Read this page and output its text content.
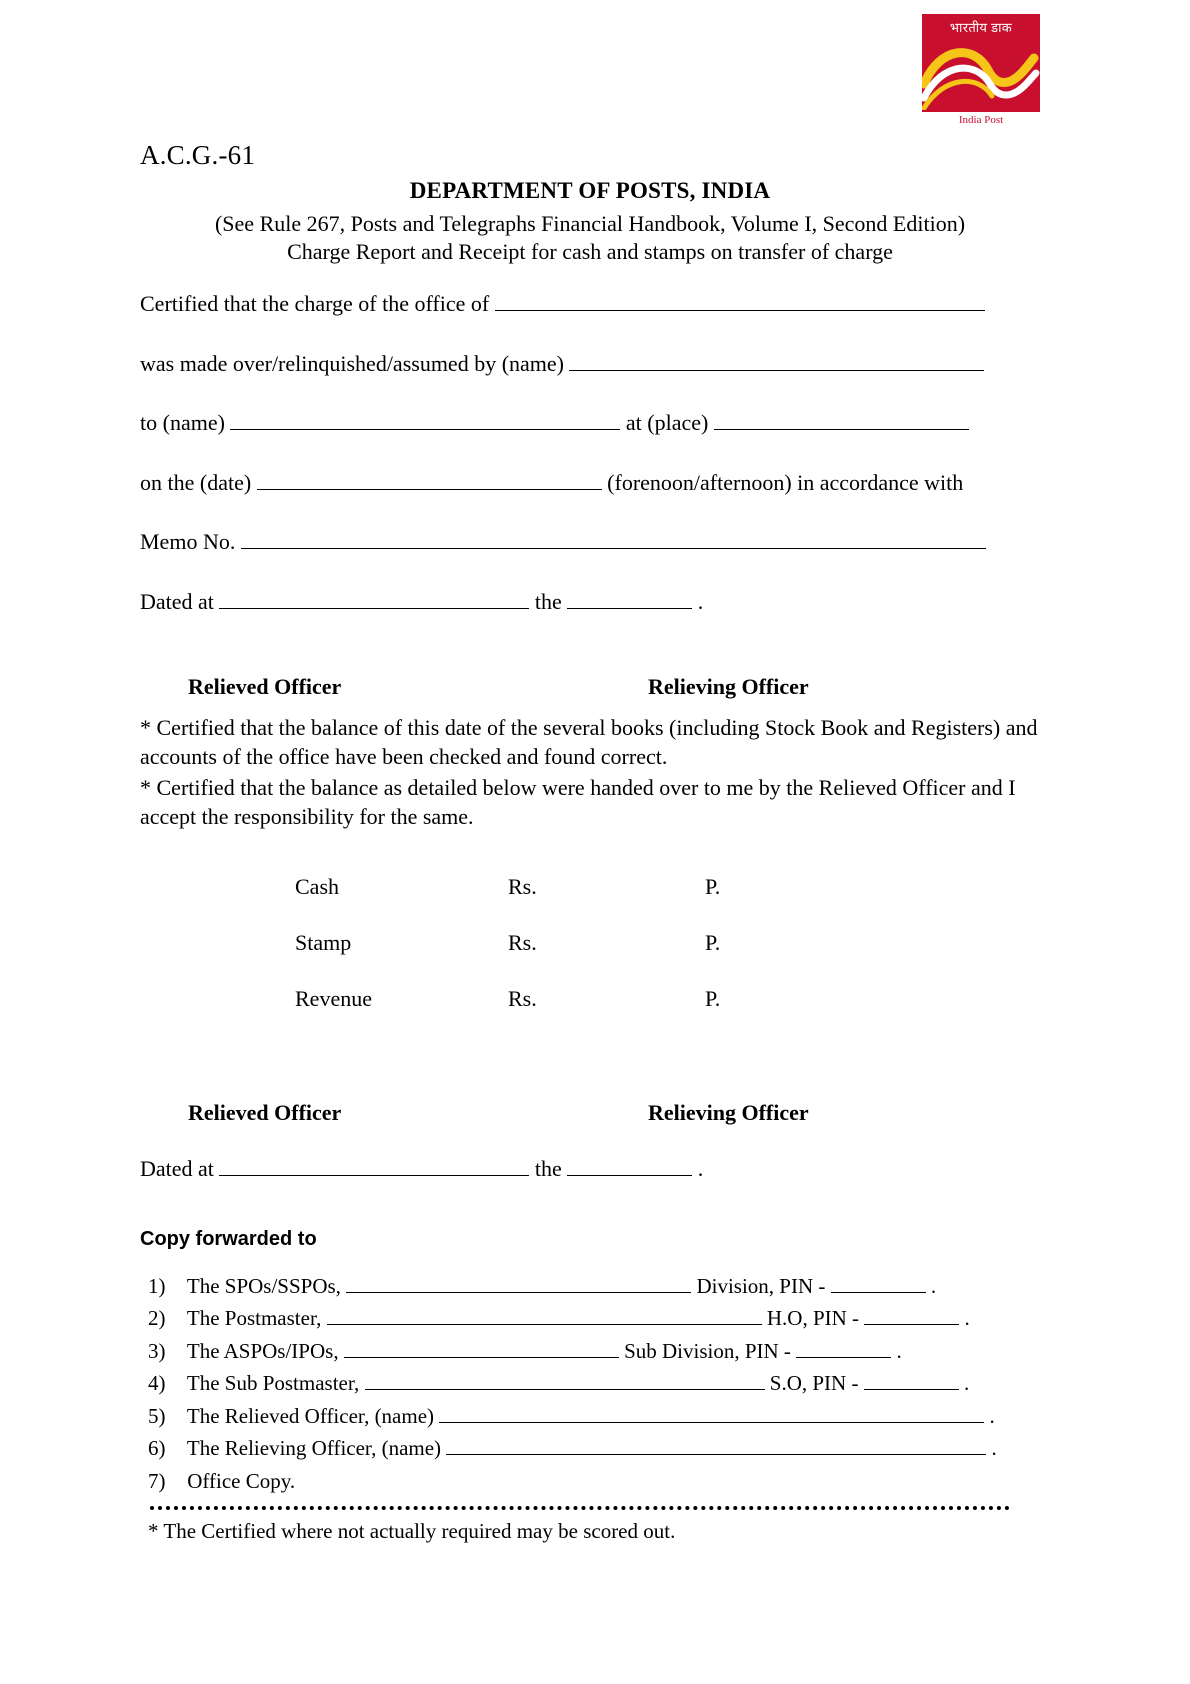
भारतीय डाक
India Post
A.C.G.-61
DEPARTMENT OF POSTS, INDIA
(See Rule 267, Posts and Telegraphs Financial Handbook, Volume I, Second Edition)
Charge Report and Receipt for cash and stamps on transfer of charge
Certified that the charge of the office of
was made over/relinquished/assumed by (name)
to (name)	at (place)
on the (date)	(forenoon/afternoon) in accordance with
Memo No.
Dated at	the	.
Relieved Officer	Relieving Officer
* Certified that the balance of this date of the several books (including Stock Book and Registers) and accounts of the office have been checked and found correct.
* Certified that the balance as detailed below were handed over to me by the Relieved Officer and I accept the responsibility for the same.
Cash	Rs.	P.
Stamp	Rs.	P.
Revenue	Rs.	P.
Relieved Officer	Relieving Officer
Dated at	the	.
Copy forwarded to
1) The SPOs/SSPOs,	Division, PIN -	.
2) The Postmaster,	H.O, PIN -	.
3) The ASPOs/IPOs,	Sub Division, PIN -	.
4) The Sub Postmaster,	S.O, PIN -	.
5) The Relieved Officer, (name)	.
6) The Relieving Officer, (name)	.
7) Office Copy.
* The Certified where not actually required may be scored out.
